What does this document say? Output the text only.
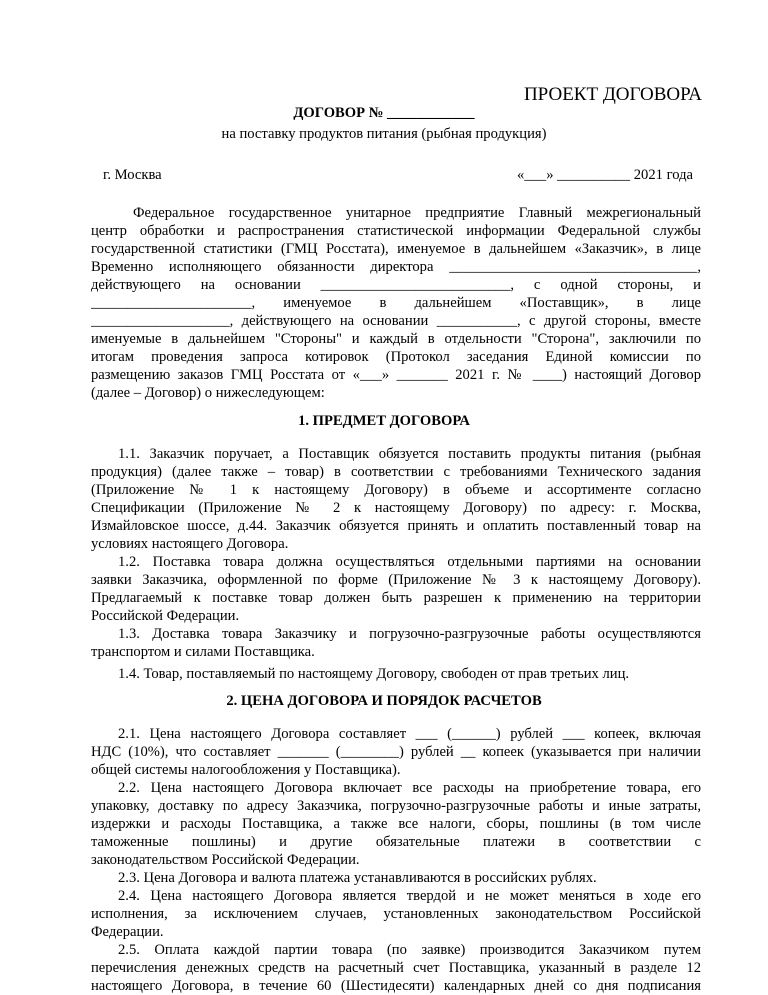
ПРОЕКТ ДОГОВОРА
ДОГОВОР № ____________
на поставку продуктов питания (рыбная продукция)
г. Москва	«___» __________ 2021 года
Федеральное государственное унитарное предприятие Главный межрегиональный
центр обработки и распространения статистической информации Федеральной службы
государственной статистики (ГМЦ Росстата), именуемое в дальнейшем «Заказчик», в лице
Временно исполняющего обязанности директора __________________________________,
действующего на основании __________________________, с одной стороны, и
______________________, именуемое в дальнейшем «Поставщик», в лице
___________________, действующего на основании ___________, с другой стороны, вместе
именуемые в дальнейшем "Стороны" и каждый в отдельности "Сторона", заключили по
итогам проведения запроса котировок (Протокол заседания Единой комиссии по
размещению заказов ГМЦ Росстата от «___» _______ 2021 г. № ____) настоящий Договор
(далее – Договор) о нижеследующем:
1. ПРЕДМЕТ ДОГОВОРА
1.1. Заказчик поручает, а Поставщик обязуется поставить продукты питания (рыбная
продукция) (далее также – товар) в соответствии с требованиями Технического задания
(Приложение № 1 к настоящему Договору) в объеме и ассортименте согласно
Спецификации (Приложение № 2 к настоящему Договору) по адресу: г. Москва,
Измайловское шоссе, д.44. Заказчик обязуется принять и оплатить поставленный товар на
условиях настоящего Договора.
1.2. Поставка товара должна осуществляться отдельными партиями на основании
заявки Заказчика, оформленной по форме (Приложение № 3 к настоящему Договору).
Предлагаемый к поставке товар должен быть разрешен к применению на территории
Российской Федерации.
1.3. Доставка товара Заказчику и погрузочно-разгрузочные работы осуществляются
транспортом и силами Поставщика.
1.4. Товар, поставляемый по настоящему Договору, свободен от прав третьих лиц.
2. ЦЕНА ДОГОВОРА И ПОРЯДОК РАСЧЕТОВ
2.1. Цена настоящего Договора составляет ___ (______) рублей ___ копеек, включая
НДС (10%), что составляет _______ (________) рублей __ копеек (указывается при наличии
общей системы налогообложения у Поставщика).
2.2. Цена настоящего Договора включает все расходы на приобретение товара, его
упаковку, доставку по адресу Заказчика, погрузочно-разгрузочные работы и иные затраты,
издержки и расходы Поставщика, а также все налоги, сборы, пошлины (в том числе
таможенные пошлины) и другие обязательные платежи в соответствии с
законодательством Российской Федерации.
2.3. Цена Договора и валюта платежа устанавливаются в российских рублях.
2.4. Цена настоящего Договора является твердой и не может меняться в ходе его
исполнения, за исключением случаев, установленных законодательством Российской
Федерации.
2.5. Оплата каждой партии товара (по заявке) производится Заказчиком путем
перечисления денежных средств на расчетный счет Поставщика, указанный в разделе 12
настоящего Договора, в течение 60 (Шестидесяти) календарных дней со дня подписания
